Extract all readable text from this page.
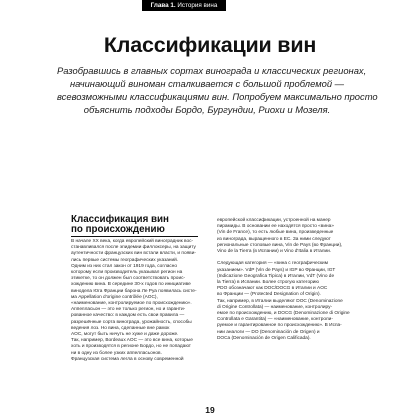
Глава 1. История вина
Классификации вин

Разобравшись в главных сортах винограда и классических регионах,
начинающий виноман сталкивается с большой проблемой —
всевозможными классификациями вин. Попробуем максимально просто
объяснить подходы Бордо, Бургундии, Риохи и Мозеля.

Классификация вин
по происхождению
В начале XX века, когда европейский виноградник вос-
станавливался после эпидемии филлоксеры, на защиту
аутентичности французских вин встали власти, и появи-
лись первые системы географических указаний.
Одним из них стал закон от 1919 года, согласно
которому если производитель указывал регион на
этикетке, то он должен был соответствовать проис-
хождению вина. В середине 30-х годов по инициативе
винодела Юга Франции барона Ле Руа появилась систе-
ма Appellation d'origine contrôlée (AOC),
«наименование, контролируемое по происхождению».
Аппелласьон — это не только регион, но и гаранти-
рованное качество: в каждом есть свои правила —
разрешённые сорта винограда, урожайность, способы
ведения лоз. Но вина, сделанные вне рамок
AOC, могут быть ничуть не хуже и даже дороже.
Так, например, Bordeaux AOC — это все вина, которые
хоть и производятся в регионе Бордо, но не попадают
ни в одну из более узких аппелласьонов.
Французская система легла в основу современной
европейской классификации, устроенной на манер
пирамиды. В основании ее находятся просто «вина»
(Vin de France), то есть любые вина, произведенные
из винограда, выращенного в ЕС. За ними следуют
региональные столовые вина, Vin de Pays (во Франции),
Vino de la Tierra (в Испании) и Vino d'Italia в Италии.

Следующая категория — «вина с географическим
указанием». VdP (Vin de Pays) и IGP во Франции, IGT
(Indicazione Geografica Tipica) в Италии, VdT (Vino de
la Tierra) в Испании. Более строгую категорию
PDO обозначают как DOC/DOCG в Италии и AOC
во Франции — (Protected Designation of Origin).
Так, например, в Италии выделяют DOC (Denominazione
di Origine Controllata) — наименование, контролиру-
емое по происхождению, и DOCG (Denominazione di Origine
Controllata e Garantita) — «наименование, контроли-
руемое и гарантированное по происхождению». В Испа-
нии аналоги — DO (Denominación de Origen) и
DOCa (Denominación de Origen Calificada).
19
